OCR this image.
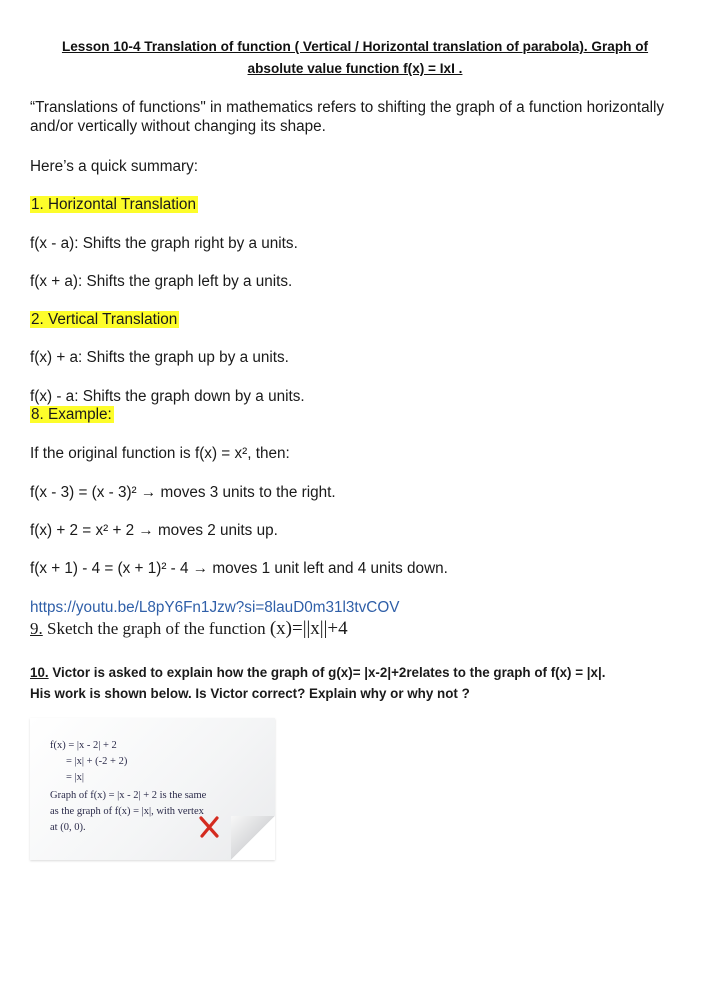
Lesson 10-4 Translation of function ( Vertical / Horizontal translation of parabola). Graph of
absolute value function f(x) = IxI .
“Translations of functions" in mathematics refers to shifting the graph of a function horizontally and/or vertically without changing its shape.
Here’s a quick summary:
1. Horizontal Translation
f(x - a): Shifts the graph right by a units.
f(x + a): Shifts the graph left by a units.
2. Vertical Translation
f(x) + a: Shifts the graph up by a units.
f(x) - a: Shifts the graph down by a units.
8. Example:
If the original function is f(x) = x², then:
f(x - 3) = (x - 3)² → moves 3 units to the right.
f(x) + 2 = x² + 2 → moves 2 units up.
f(x + 1) - 4 = (x + 1)² - 4 → moves 1 unit left and 4 units down.
https://youtu.be/L8pY6Fn1Jzw?si=8lauD0m31l3tvCOV
9. Sketch the graph of the function (x)=||x||+4
10. Victor is asked to explain how the graph of g(x)= |x-2|+2relates to the graph of f(x) = |x|.
His work is shown below. Is Victor correct? Explain why or why not ?
f(x) = |x - 2| + 2
= |x| + (-2 + 2)
= |x|
Graph of f(x) = |x - 2| + 2 is the same
as the graph of f(x) = |x|, with vertex
at (0, 0).
